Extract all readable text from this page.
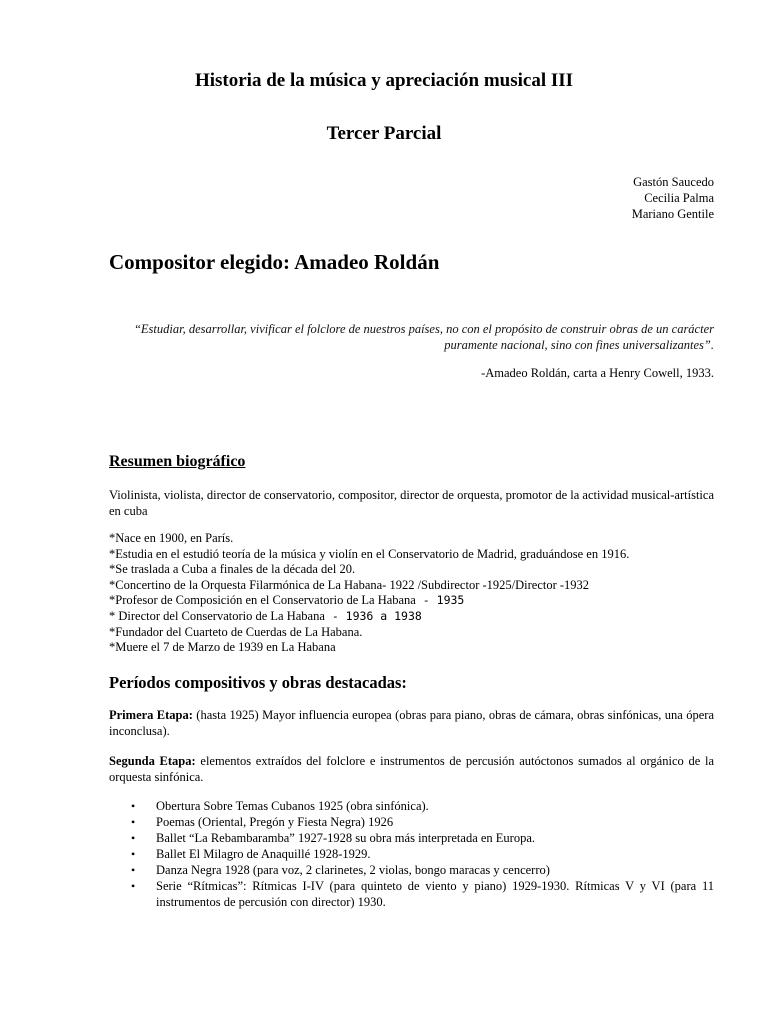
Historia de la música y apreciación musical III
Tercer Parcial
Gastón Saucedo
Cecilia Palma
Mariano Gentile
Compositor elegido: Amadeo Roldán
“Estudiar, desarrollar, vivificar el folclore de nuestros países, no con el propósito de construir obras de un carácter puramente nacional, sino con fines universalizantes”.
-Amadeo Roldán, carta a Henry Cowell, 1933.
Resumen biográfico
Violinista, violista, director de conservatorio, compositor, director de orquesta, promotor de la actividad musical-artística en cuba
*Nace en 1900, en París.
*Estudia en el estudió teoría de la música y violín en el Conservatorio de Madrid, graduándose en 1916.
*Se traslada a Cuba a finales de la década del 20.
*Concertino de la Orquesta Filarmónica de La Habana- 1922 /Subdirector -1925/Director -1932
*Profesor de Composición en el Conservatorio de La Habana - 1935
* Director del Conservatorio de La Habana - 1936 a 1938
*Fundador del Cuarteto de Cuerdas de La Habana.
*Muere el 7 de Marzo de 1939 en La Habana
Períodos compositivos y obras destacadas:
Primera Etapa: (hasta 1925) Mayor influencia europea (obras para piano, obras de cámara, obras sinfónicas, una ópera inconclusa).
Segunda Etapa: elementos extraídos del folclore e instrumentos de percusión autóctonos sumados al orgánico de la orquesta sinfónica.
• Obertura Sobre Temas Cubanos 1925 (obra sinfónica).
• Poemas (Oriental, Pregón y Fiesta Negra) 1926
• Ballet “La Rebambaramba” 1927-1928 su obra más interpretada en Europa.
• Ballet El Milagro de Anaquillé 1928-1929.
• Danza Negra 1928 (para voz, 2 clarinetes, 2 violas, bongo maracas y cencerro)
• Serie “Rítmicas”: Rítmicas I-IV (para quinteto de viento y piano) 1929-1930. Rítmicas V y VI (para 11 instrumentos de percusión con director) 1930.
